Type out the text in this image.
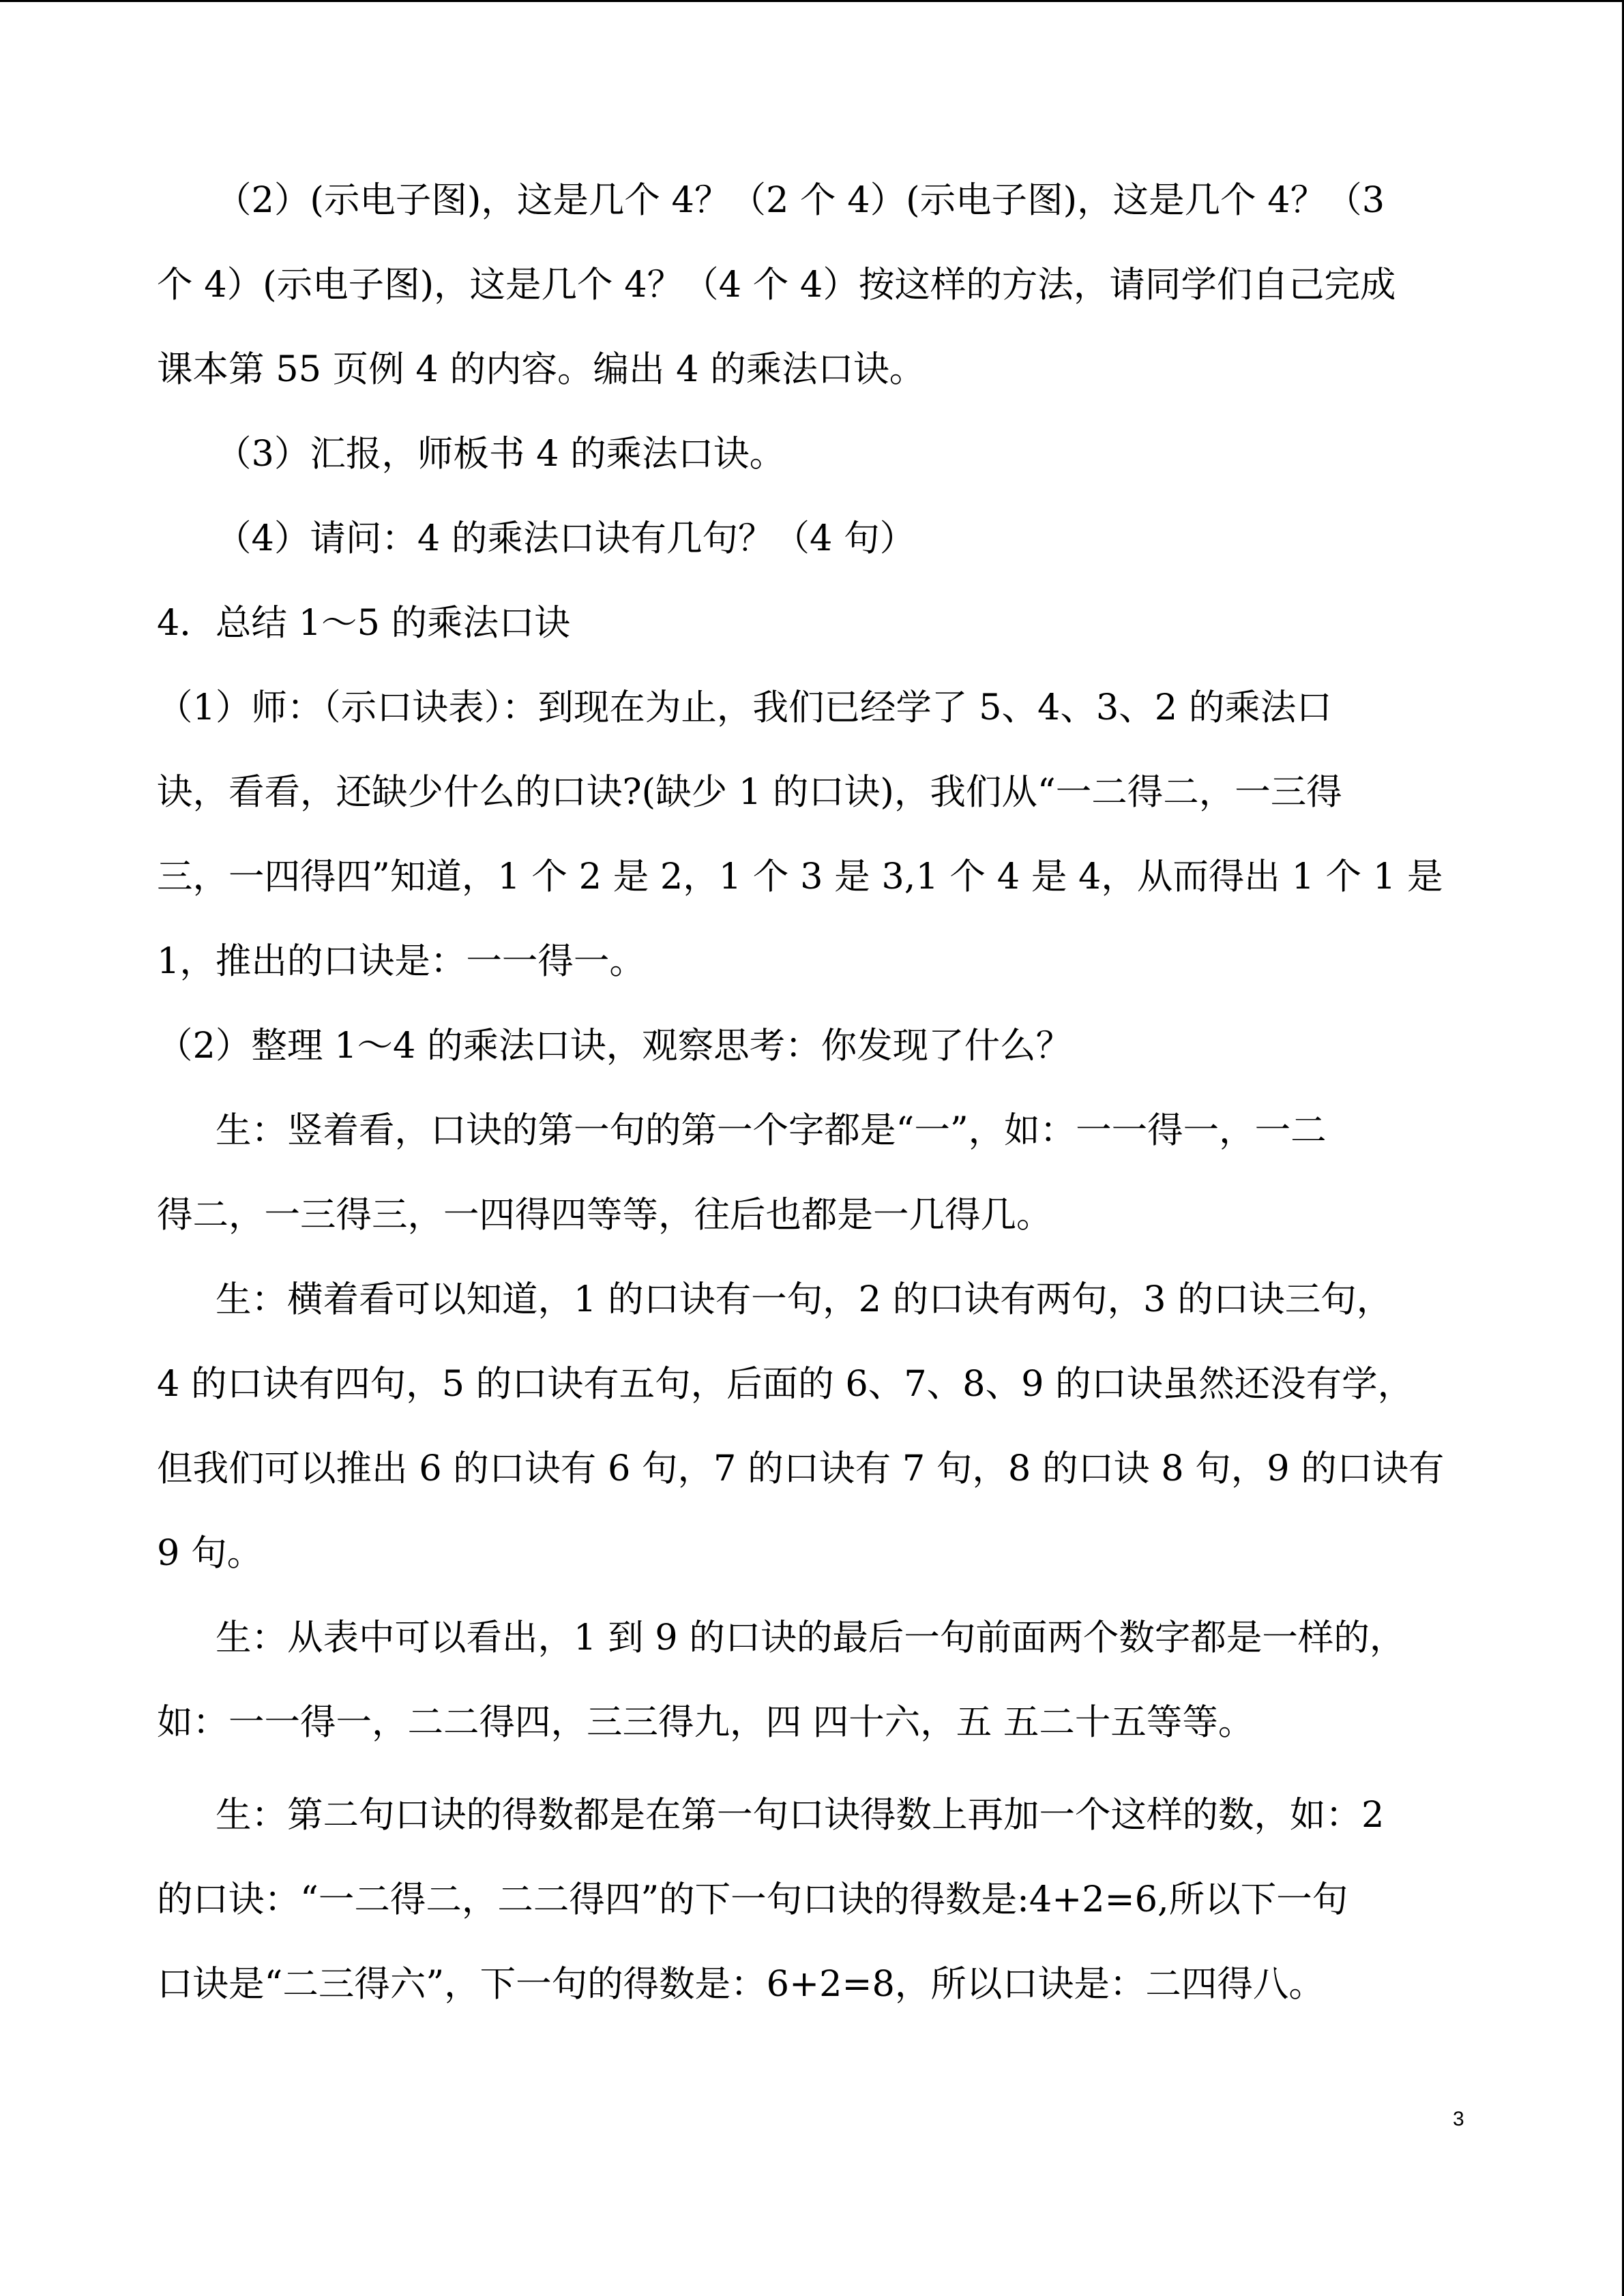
（2）(示电子图)，这是几个 4？（2 个 4）(示电子图)，这是几个 4？（3
个 4）(示电子图)，这是几个 4？（4 个 4）按这样的方法，请同学们自己完成
课本第 55 页例 4 的内容。编出 4 的乘法口诀。
（3）汇报，师板书 4 的乘法口诀。
（4）请问：4 的乘法口诀有几句？（4 句）
4．总结 1～5 的乘法口诀
（1）师：（示口诀表）：到现在为止，我们已经学了 5、4、3、2 的乘法口
诀，看看，还缺少什么的口诀?(缺少 1 的口诀)，我们从“一二得二，一三得
三，一四得四”知道，1 个 2 是 2，1 个 3 是 3,1 个 4 是 4，从而得出 1 个 1 是
1，推出的口诀是：一一得一。
（2）整理 1～4 的乘法口诀，观察思考：你发现了什么？
生：竖着看，口诀的第一句的第一个字都是“一”，如：一一得一，一二
得二，一三得三，一四得四等等，往后也都是一几得几。
生：横着看可以知道，1 的口诀有一句，2 的口诀有两句，3 的口诀三句，
4 的口诀有四句，5 的口诀有五句，后面的 6、7、8、9 的口诀虽然还没有学，
但我们可以推出 6 的口诀有 6 句，7 的口诀有 7 句，8 的口诀 8 句，9 的口诀有
9 句。
生：从表中可以看出，1 到 9 的口诀的最后一句前面两个数字都是一样的，
如：一一得一，二二得四，三三得九，四 四十六，五 五二十五等等。
生：第二句口诀的得数都是在第一句口诀得数上再加一个这样的数，如：2
的口诀：“一二得二，二二得四”的下一句口诀的得数是:4+2=6,所以下一句
口诀是“二三得六”，下一句的得数是：6+2=8，所以口诀是：二四得八。
3
